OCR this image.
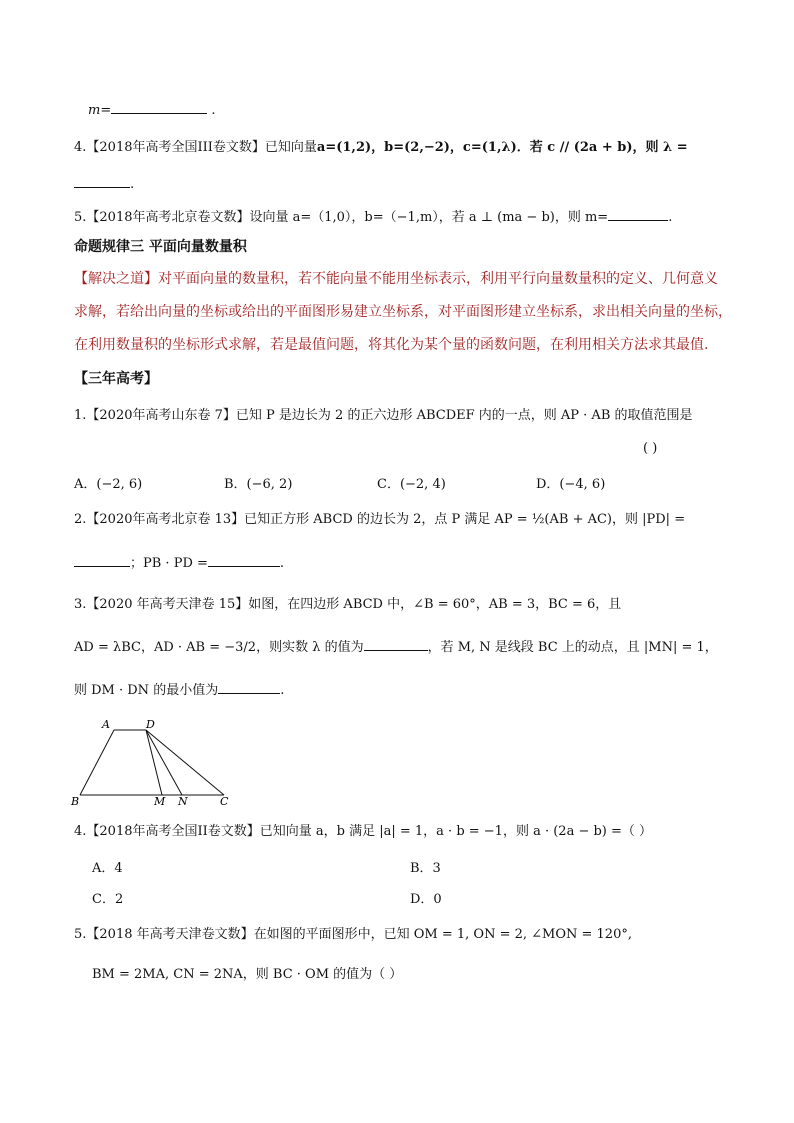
m=	.
4.【2018年高考全国III卷文数】已知向量a=(1,2)，b=(2,−2)，c=(1,λ)．若 c // (2a + b)，则 λ =
.
5.【2018年高考北京卷文数】设向量 a=（1,0），b=（−1,m），若 a ⊥ (ma − b)，则 m=	.
命题规律三 平面向量数量积
【解决之道】对平面向量的数量积，若不能向量不能用坐标表示，利用平行向量数量积的定义、几何意义
求解，若给出向量的坐标或给出的平面图形易建立坐标系，对平面图形建立坐标系，求出相关向量的坐标，
在利用数量积的坐标形式求解，若是最值问题，将其化为某个量的函数问题，在利用相关方法求其最值.
【三年高考】
1.【2020年高考山东卷 7】已知 P 是边长为 2 的正六边形 ABCDEF 内的一点，则 AP · AB 的取值范围是
( )
A．(−2, 6)	B．(−6, 2)	C．(−2, 4)	D．(−4, 6)
2.【2020年高考北京卷 13】已知正方形 ABCD 的边长为 2，点 P 满足 AP = ½(AB + AC)，则 |PD| =
；PB · PD =	.
3.【2020 年高考天津卷 15】如图，在四边形 ABCD 中，∠B = 60°，AB = 3，BC = 6，且
AD = λBC，AD · AB = −3/2，则实数 λ 的值为	，若 M, N 是线段 BC 上的动点，且 |MN| = 1，
则 DM · DN 的最小值为	.
A	D
B	M N	C
4.【2018年高考全国II卷文数】已知向量 a，b 满足 |a| = 1，a · b = −1，则 a · (2a − b) =（ ）
A．4	B．3
C．2	D．0
5.【2018 年高考天津卷文数】在如图的平面图形中，已知 OM = 1, ON = 2, ∠MON = 120°,
BM = 2MA, CN = 2NA，则 BC · OM 的值为（ ）
